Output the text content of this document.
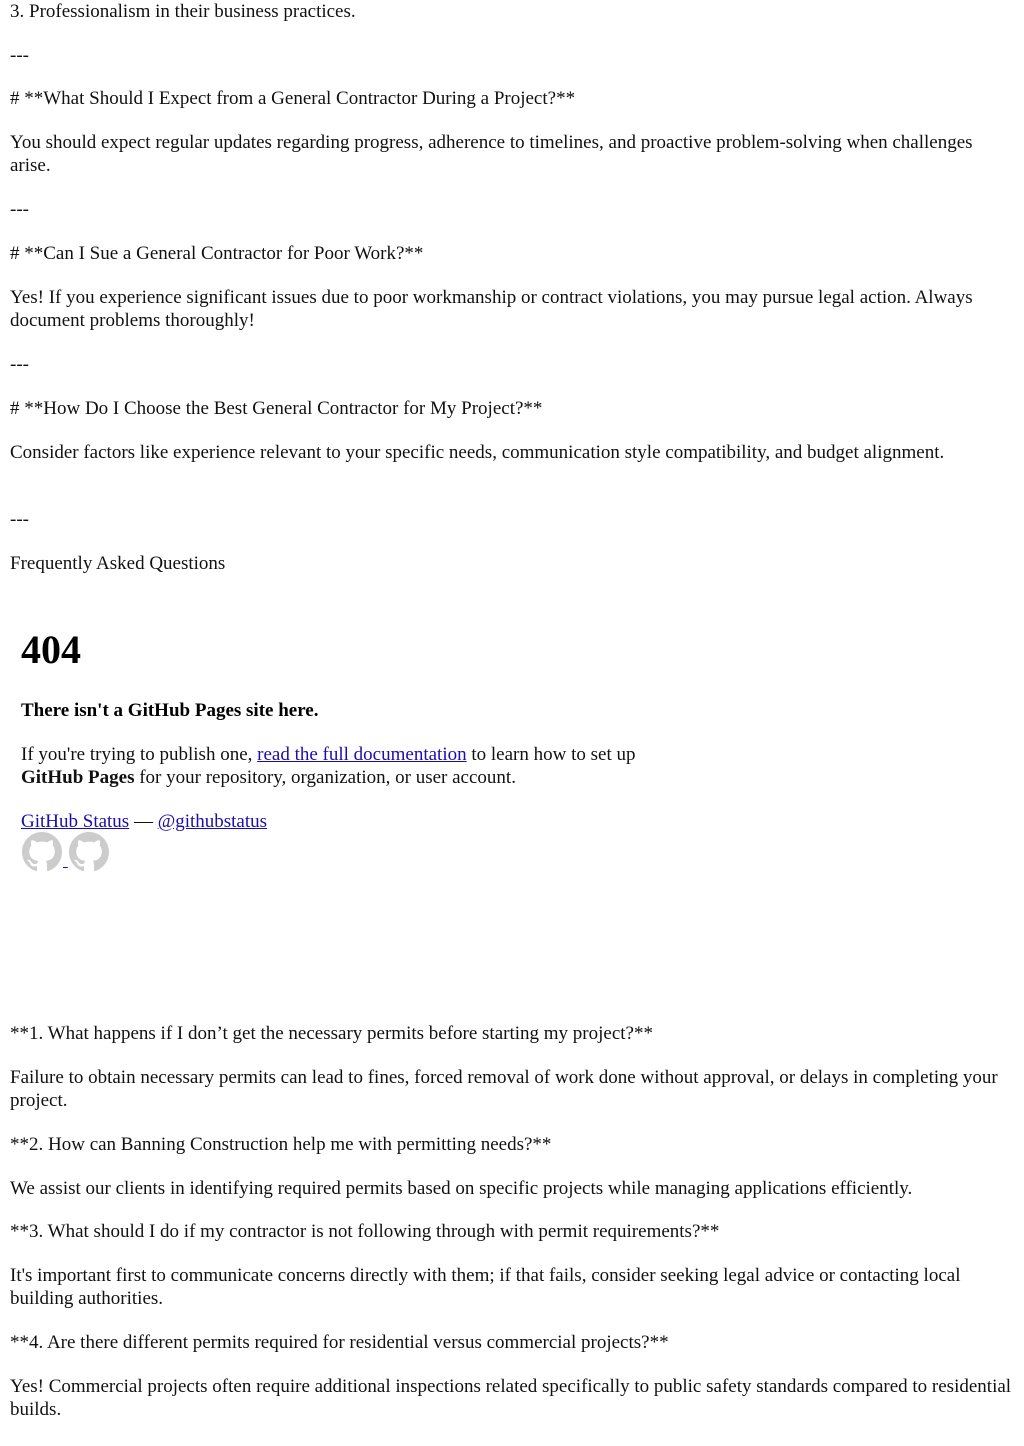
3. Professionalism in their business practices.

---

# **What Should I Expect from a General Contractor During a Project?**

You should expect regular updates regarding progress, adherence to timelines, and proactive problem-solving when challenges arise.

---

# **Can I Sue a General Contractor for Poor Work?**

Yes! If you experience significant issues due to poor workmanship or contract violations, you may pursue legal action. Always document problems thoroughly!

---

# **How Do I Choose the Best General Contractor for My Project?**

Consider factors like experience relevant to your specific needs, communication style compatibility, and budget alignment.

---

Frequently Asked Questions

404
There isn't a GitHub Pages site here.
If you're trying to publish one, read the full documentation to learn how to set up
GitHub Pages for your repository, organization, or user account.
GitHub Status — @githubstatus

**1. What happens if I don’t get the necessary permits before starting my project?**

Failure to obtain necessary permits can lead to fines, forced removal of work done without approval, or delays in completing your project.

**2. How can Banning Construction help me with permitting needs?**

We assist our clients in identifying required permits based on specific projects while managing applications efficiently.

**3. What should I do if my contractor is not following through with permit requirements?**

It's important first to communicate concerns directly with them; if that fails, consider seeking legal advice or contacting local building authorities.

**4. Are there different permits required for residential versus commercial projects?**

Yes! Commercial projects often require additional inspections related specifically to public safety standards compared to residential builds.
